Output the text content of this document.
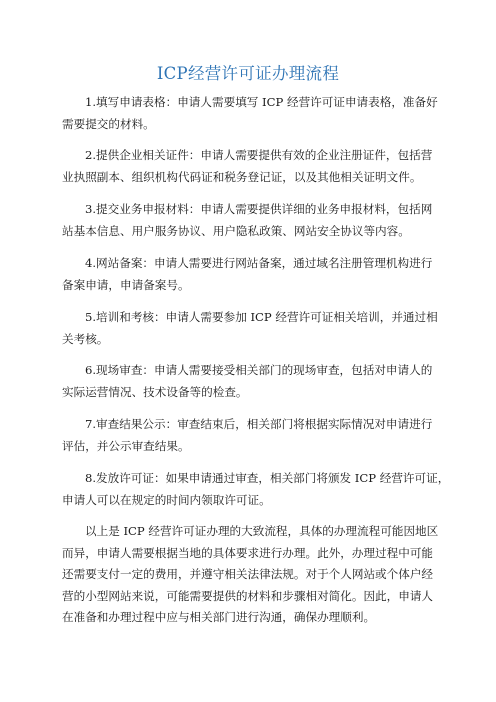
ICP经营许可证办理流程
1.填写申请表格：申请人需要填写 ICP 经营许可证申请表格，准备好
需要提交的材料。
2.提供企业相关证件：申请人需要提供有效的企业注册证件，包括营
业执照副本、组织机构代码证和税务登记证，以及其他相关证明文件。
3.提交业务申报材料：申请人需要提供详细的业务申报材料，包括网
站基本信息、用户服务协议、用户隐私政策、网站安全协议等内容。
4.网站备案：申请人需要进行网站备案，通过域名注册管理机构进行
备案申请，申请备案号。
5.培训和考核：申请人需要参加 ICP 经营许可证相关培训，并通过相
关考核。
6.现场审查：申请人需要接受相关部门的现场审查，包括对申请人的
实际运营情况、技术设备等的检查。
7.审查结果公示：审查结束后，相关部门将根据实际情况对申请进行
评估，并公示审查结果。
8.发放许可证：如果申请通过审查，相关部门将颁发 ICP 经营许可证，
申请人可以在规定的时间内领取许可证。
以上是 ICP 经营许可证办理的大致流程，具体的办理流程可能因地区
而异，申请人需要根据当地的具体要求进行办理。此外，办理过程中可能
还需要支付一定的费用，并遵守相关法律法规。对于个人网站或个体户经
营的小型网站来说，可能需要提供的材料和步骤相对简化。因此，申请人
在准备和办理过程中应与相关部门进行沟通，确保办理顺利。
